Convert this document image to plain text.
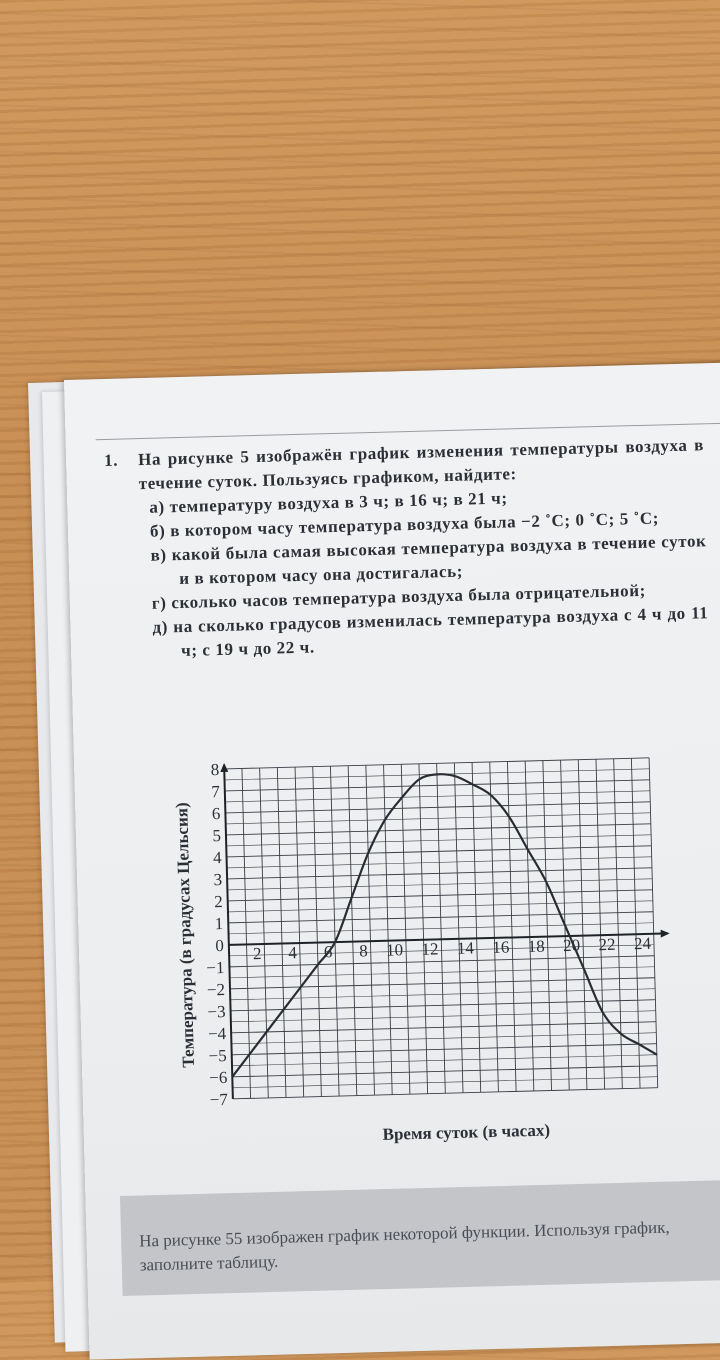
1. На рисунке 5 изображён график изменения температуры воздуха в течение суток. Пользуясь графиком, найдите:
а) температуру воздуха в 3 ч; в 16 ч; в 21 ч;
б) в котором часу температура воздуха была −2 ˚С; 0 ˚С; 5 ˚С;
в) какой была самая высокая температура воздуха в течение суток и в котором часу она достигалась;
г) сколько часов температура воздуха была отрицательной;
д) на сколько градусов изменилась температура воздуха с 4 ч до 11 ч; с 19 ч до 22 ч.
2 4 6 8 10 12 14 16 18 20 22 24
−7
−6
−5
−4
−3
−2
−1
0
1
2
3
4
5
6
7
8
Время суток (в часах)
Температура (в градусах Цельсия)
На рисунке 55 изображен график некоторой функции. Используя график, заполните таблицу.
